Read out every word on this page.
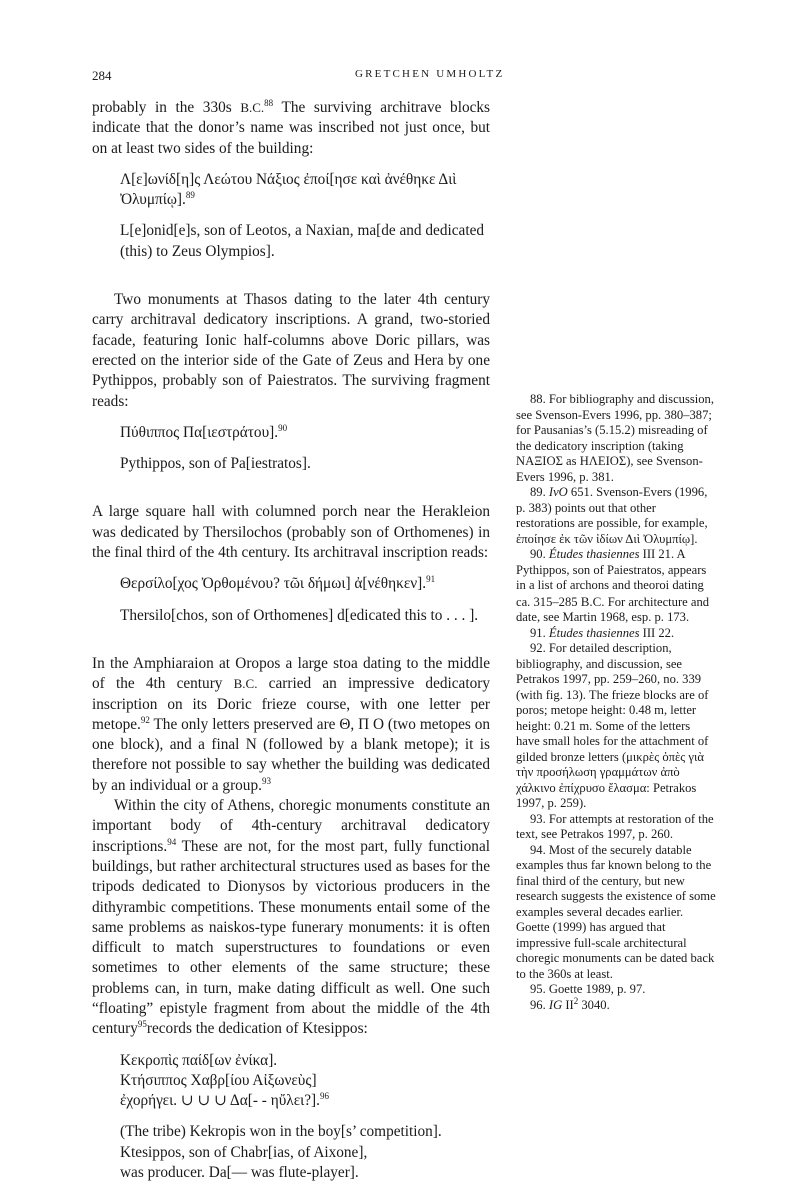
284	GRETCHEN UMHOLTZ

probably in the 330s B.C.$^{88}$ The surviving architrave blocks indicate that the donor’s name was inscribed not just once, but on at least two sides of the building:

Λ[ε]ωνίδ[η]ς Λεώτου Νάξιος ἐποί[ησε καὶ ἀνέθηκε Διὶ Ὀλυμπίῳ].$^{89}$
L[e]onid[e]s, son of Leotos, a Naxian, ma[de and dedicated (this) to Zeus Olympios].

Two monuments at Thasos dating to the later 4th century carry architraval dedicatory inscriptions. A grand, two-storied facade, featuring Ionic half-columns above Doric pillars, was erected on the interior side of the Gate of Zeus and Hera by one Pythippos, probably son of Paiestratos. The surviving fragment reads:

Πύθιππος Πα[ιεστράτου].$^{90}$
Pythippos, son of Pa[iestratos].

A large square hall with columned porch near the Herakleion was dedicated by Thersilochos (probably son of Orthomenes) in the final third of the 4th century. Its architraval inscription reads:

Θερσίλο[χος Ὀρθομένου? τῶι δήμωι] ἀ[νέθηκεν].$^{91}$
Thersilo[chos, son of Orthomenes] d[edicated this to . . . ].

In the Amphiaraion at Oropos a large stoa dating to the middle of the 4th century B.C. carried an impressive dedicatory inscription on its Doric frieze course, with one letter per metope.$^{92}$ The only letters preserved are Θ, Π Ο (two metopes on one block), and a final Ν (followed by a blank metope); it is therefore not possible to say whether the building was dedicated by an individual or a group.$^{93}$

Within the city of Athens, choregic monuments constitute an important body of 4th-century architraval dedicatory inscriptions.$^{94}$ These are not, for the most part, fully functional buildings, but rather architectural structures used as bases for the tripods dedicated to Dionysos by victorious producers in the dithyrambic competitions. These monuments entail some of the same problems as naiskos-type funerary monuments: it is often difficult to match superstructures to foundations or even sometimes to other elements of the same structure; these problems can, in turn, make dating difficult as well. One such “floating” epistyle fragment from about the middle of the 4th century$^{95}$records the dedication of Ktesippos:

Κεκροπὶς παίδ[ων ἐνίκα].
Κτήσιππος Χαβρ[ίου Αἰξωνεὺς]
ἐχορήγει. ∪ ∪ ∪ Δα[- - ηὔλει?].$^{96}$
(The tribe) Kekropis won in the boy[s’ competition].
Ktesippos, son of Chabr[ias, of Aixone],
was producer. Da[— was flute-player].

88. For bibliography and discussion, see Svenson-Evers 1996, pp. 380–387; for Pausanias’s (5.15.2) misreading of the dedicatory inscription (taking ΝΑΞΙΟΣ as ΗΛΕΙΟΣ), see Svenson-Evers 1996, p. 381.

89. IvO 651. Svenson-Evers (1996, p. 383) points out that other restorations are possible, for example, ἐποίησε ἐκ τῶν ἰδίων Διὶ Ὀλυμπίῳ].

90. Études thasiennes III 21. A Pythippos, son of Paiestratos, appears in a list of archons and theoroi dating ca. 315–285 B.C. For architecture and date, see Martin 1968, esp. p. 173.

91. Études thasiennes III 22.

92. For detailed description, bibliography, and discussion, see Petrakos 1997, pp. 259–260, no. 339 (with fig. 13). The frieze blocks are of poros; metope height: 0.48 m, letter height: 0.21 m. Some of the letters have small holes for the attachment of gilded bronze letters (μικρὲς ὀπὲς γιὰ τὴν προσήλωση γραμμάτων ἀπὸ χάλκινο ἐπίχρυσο ἔλασμα: Petrakos 1997, p. 259).

93. For attempts at restoration of the text, see Petrakos 1997, p. 260.

94. Most of the securely datable examples thus far known belong to the final third of the century, but new research suggests the existence of some examples several decades earlier. Goette (1999) has argued that impressive full-scale architectural choregic monuments can be dated back to the 360s at least.

95. Goette 1989, p. 97.

96. IG $II^2$ 3040.
